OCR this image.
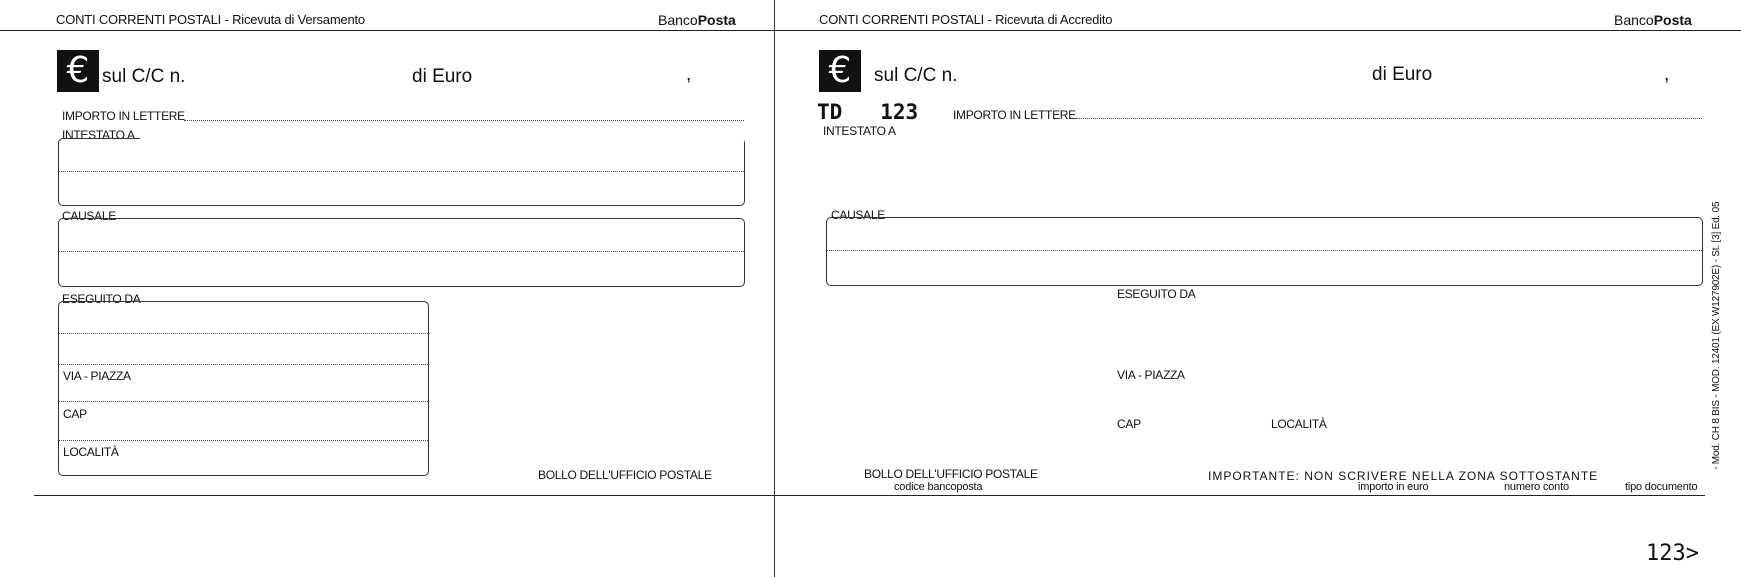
CONTI CORRENTI POSTALI - Ricevuta di Versamento	BancoPosta
€ sul C/C n.	di Euro	,
IMPORTO IN LETTERE
INTESTATO A
CAUSALE
ESEGUITO DA
VIA - PIAZZA
CAP
LOCALITÀ
BOLLO DELL'UFFICIO POSTALE
CONTI CORRENTI POSTALI - Ricevuta di Accredito	BancoPosta
€	sul C/C n.	di Euro	,
TD   123	IMPORTO IN LETTERE
INTESTATO A
CAUSALE
ESEGUITO DA
VIA - PIAZZA
CAP	LOCALITÀ
BOLLO DELL'UFFICIO POSTALE
codice bancoposta
IMPORTANTE: NON SCRIVERE NELLA ZONA SOTTOSTANTE
importo in euro	numero conto	tipo documento
- Mod. CH 8 BIS - MOD. 12401 (EX W127902E) - St. [3] Ed. 05
123>
